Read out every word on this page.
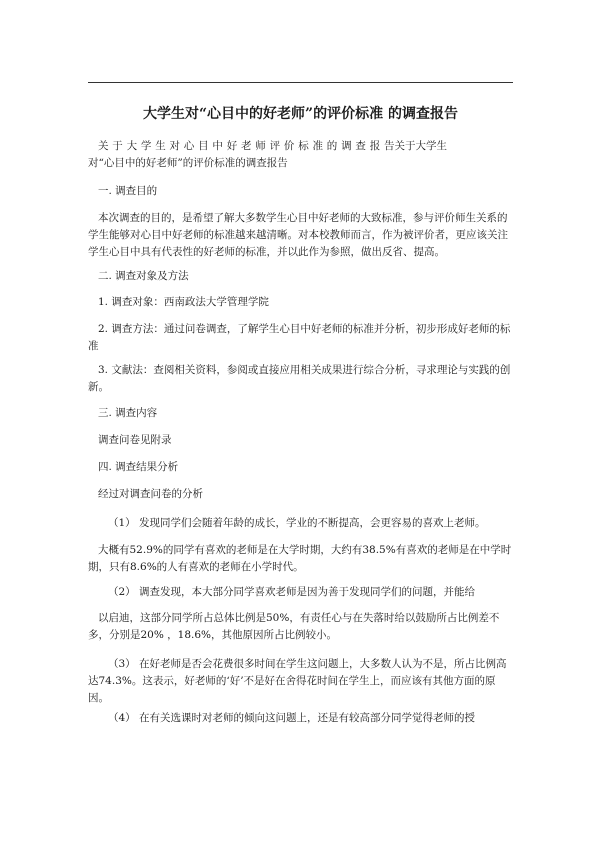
大学生对“心目中的好老师”的评价标准 的调查报告

关于大学生对心目中好老师评价标准的调查报告关于大学生

对“心目中的好老师”的评价标准的调查报告

一. 调查目的

本次调查的目的，是希望了解大多数学生心目中好老师的大致标准，参与评价师生关系的学生能够对心目中好老师的标准越来越清晰。对本校教师而言，作为被评价者，更应该关注学生心目中具有代表性的好老师的标准，并以此作为参照，做出反省、提高。

二. 调查对象及方法

1. 调查对象：西南政法大学管理学院

2. 调查方法：通过问卷调查，了解学生心目中好老师的标准并分析，初步形成好老师的标准

3. 文献法：查阅相关资料，参阅或直接应用相关成果进行综合分析，寻求理论与实践的创新。

三. 调查内容

调查问卷见附录

四. 调查结果分析

经过对调查问卷的分析

（1） 发现同学们会随着年龄的成长，学业的不断提高，会更容易的喜欢上老师。

大概有52.9%的同学有喜欢的老师是在大学时期，大约有38.5%有喜欢的老师是在中学时期，只有8.6%的人有喜欢的老师在小学时代。

（2） 调查发现，本大部分同学喜欢老师是因为善于发现同学们的问题，并能给

以启迪，这部分同学所占总体比例是50%，有责任心与在失落时给以鼓励所占比例差不多，分别是20% ，18.6%，其他原因所占比例较小。

（3） 在好老师是否会花费很多时间在学生这问题上，大多数人认为不是，所占比例高达74.3%。这表示，好老师的‘好’不是好在舍得花时间在学生上，而应该有其他方面的原因。

（4） 在有关选课时对老师的倾向这问题上，还是有较高部分同学觉得老师的授
